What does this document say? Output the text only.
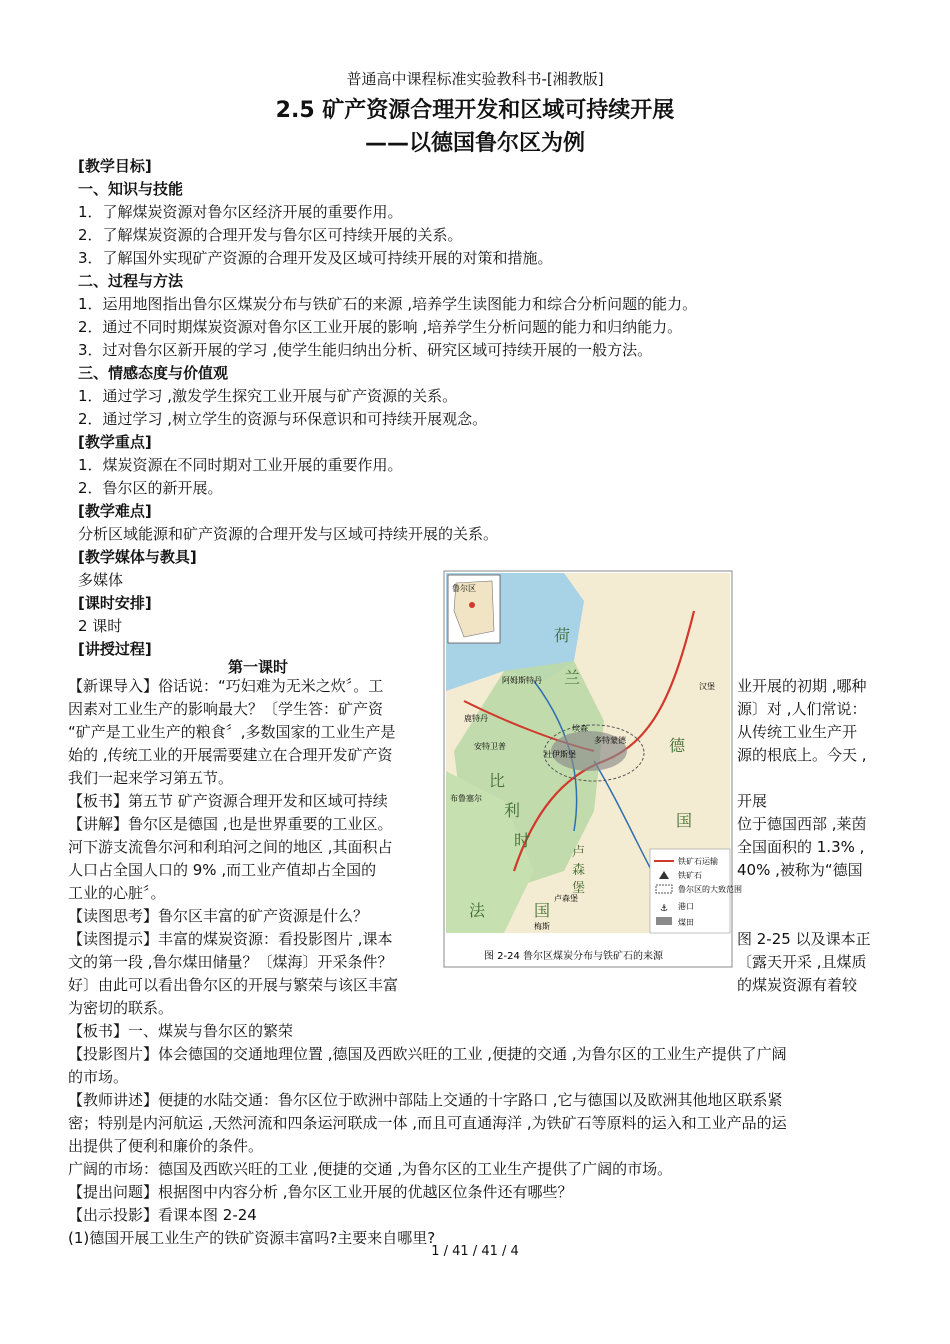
普通高中课程标准实验教科书-[湘教版]
2.5 矿产资源合理开发和区域可持续开展
——以德国鲁尔区为例
[教学目标]
一、知识与技能
1．了解煤炭资源对鲁尔区经济开展的重要作用。
2．了解煤炭资源的合理开发与鲁尔区可持续开展的关系。
3．了解国外实现矿产资源的合理开发及区域可持续开展的对策和措施。
二、过程与方法
1．运用地图指出鲁尔区煤炭分布与铁矿石的来源 ,培养学生读图能力和综合分析问题的能力。
2．通过不同时期煤炭资源对鲁尔区工业开展的影响 ,培养学生分析问题的能力和归纳能力。
3．过对鲁尔区新开展的学习 ,使学生能归纳出分析、研究区域可持续开展的一般方法。
三、情感态度与价值观
1．通过学习 ,激发学生探究工业开展与矿产资源的关系。
2．通过学习 ,树立学生的资源与环保意识和可持续开展观念。
[教学重点]
1．煤炭资源在不同时期对工业开展的重要作用。
2．鲁尔区的新开展。
[教学难点]
分析区域能源和矿产资源的合理开发与区域可持续开展的关系。
[教学媒体与教具]
多媒体
[课时安排]
2 课时
[讲授过程]
第一课时
【新课导入】俗话说：“巧妇难为无米之炊〞。工
因素对工业生产的影响最大？〔学生答：矿产资
“矿产是工业生产的粮食〞,多数国家的工业生产是
始的 ,传统工业的开展需要建立在合理开发矿产资
我们一起来学习第五节。
【板书】第五节 矿产资源合理开发和区域可持续
【讲解】鲁尔区是德国 ,也是世界重要的工业区。
河下游支流鲁尔河和利珀河之间的地区 ,其面积占
人口占全国人口的 9% ,而工业产值却占全国的
工业的心脏〞。
【读图思考】鲁尔区丰富的矿产资源是什么？
【读图提示】丰富的煤炭资源：看投影图片 ,课本
文的第一段 ,鲁尔煤田储量？〔煤海〕开采条件？
好〕由此可以看出鲁尔区的开展与繁荣与该区丰富
业开展的初期 ,哪种
源〕对 ,人们常说：
从传统工业生产开
源的根底上。今天 ,
开展
位于德国西部 ,莱茵
全国面积的 1.3% ,
40% ,被称为“德国
图 2-25 以及课本正
〔露天开采 ,且煤质
的煤炭资源有着较
为密切的联系。
【板书】一、煤炭与鲁尔区的繁荣
【投影图片】体会德国的交通地理位置 ,德国及西欧兴旺的工业 ,便捷的交通 ,为鲁尔区的工业生产提供了广阔
的市场。
【教师讲述】便捷的水陆交通：鲁尔区位于欧洲中部陆上交通的十字路口 ,它与德国以及欧洲其他地区联系紧
密；特别是内河航运 ,天然河流和四条运河联成一体 ,而且可直通海洋 ,为铁矿石等原料的运入和工业产品的运
出提供了便利和廉价的条件。
广阔的市场：德国及西欧兴旺的工业 ,便捷的交通 ,为鲁尔区的工业生产提供了广阔的市场。
【提出问题】根据图中内容分析 ,鲁尔区工业开展的优越区位条件还有哪些？
【出示投影】看课本图 2-24
(1)德国开展工业生产的铁矿资源丰富吗?主要来自哪里?
鲁尔区
荷
兰
阿姆斯特丹
鹿特丹
德
国
比
利
时
卢
森
堡
法	国
布鲁塞尔
安特卫普
杜伊斯堡
多特蒙德
埃森
卢森堡
梅斯
汉堡
铁矿石运输
铁矿石
鲁尔区的大致范围
⚓ 港口
煤田
图 2-24 鲁尔区煤炭分布与铁矿石的来源
1 / 41 / 41 / 4
